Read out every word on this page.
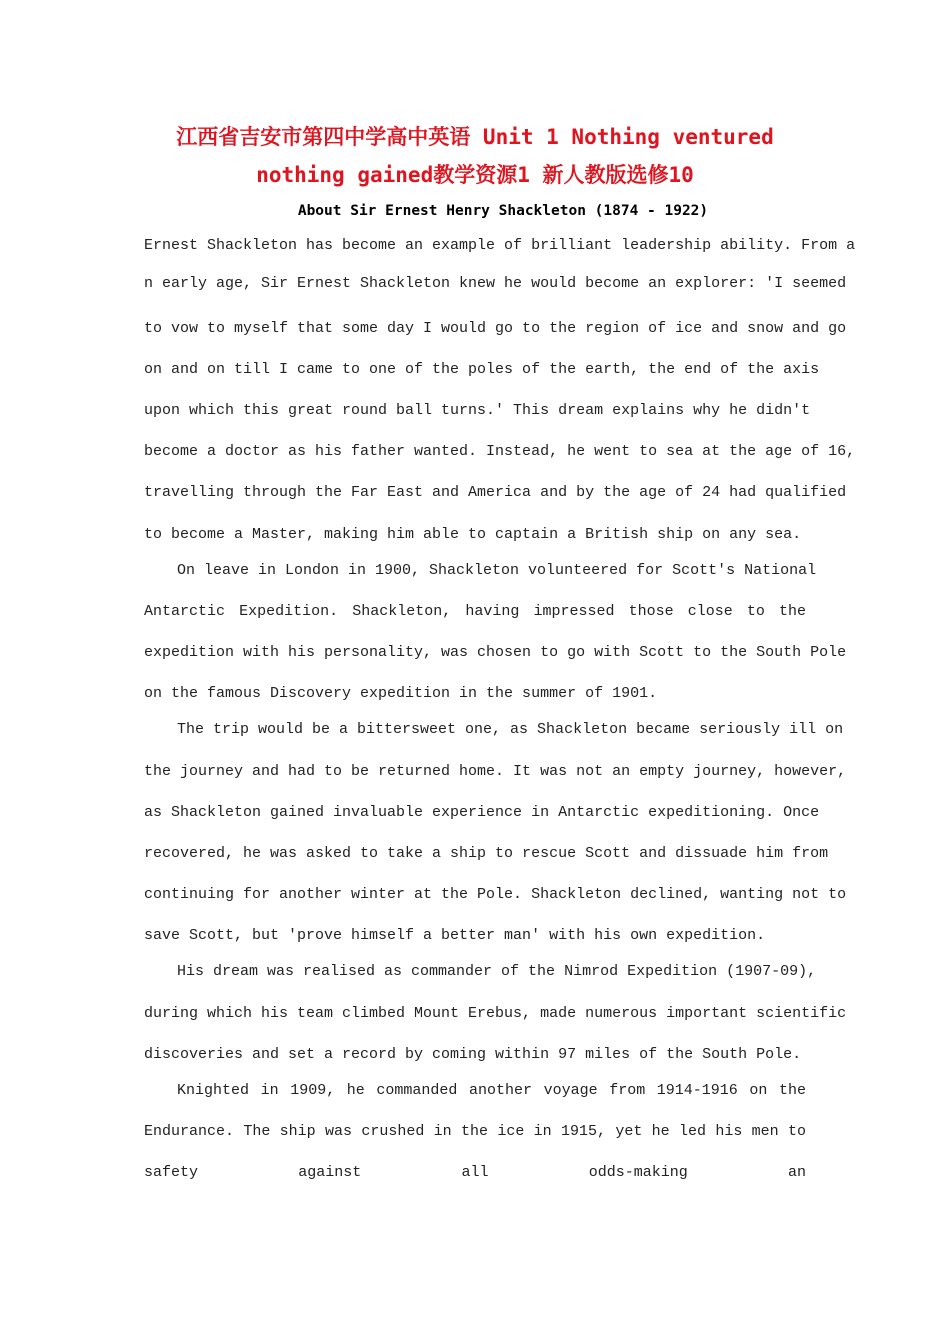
江西省吉安市第四中学高中英语 Unit 1 Nothing ventured
nothing gained教学资源1 新人教版选修10
About Sir Ernest Henry Shackleton (1874 - 1922)

Ernest Shackleton has become an example of brilliant leadership ability. From a

n early age, Sir Ernest Shackleton knew he would become an explorer: 'I seemed

to vow to myself that some day I would go to the region of ice and snow and go

on and on till I came to one of the poles of the earth, the end of the axis

upon which this great round ball turns.' This dream explains why he didn't

become a doctor as his father wanted. Instead, he went to sea at the age of 16,

travelling through the Far East and America and by the age of 24 had qualified

to become a Master, making him able to captain a British ship on any sea.

On leave in London in 1900, Shackleton volunteered for Scott's National

Antarctic Expedition. Shackleton, having impressed those close to the

expedition with his personality, was chosen to go with Scott to the South Pole

on the famous Discovery expedition in the summer of 1901.

The trip would be a bittersweet one, as Shackleton became seriously ill on

the journey and had to be returned home. It was not an empty journey, however,

as Shackleton gained invaluable experience in Antarctic expeditioning. Once

recovered, he was asked to take a ship to rescue Scott and dissuade him from

continuing for another winter at the Pole. Shackleton declined, wanting not to

save Scott, but 'prove himself a better man' with his own expedition.

His dream was realised as commander of the Nimrod Expedition (1907-09),

during which his team climbed Mount Erebus, made numerous important scientific

discoveries and set a record by coming within 97 miles of the South Pole.

Knighted in 1909, he commanded another voyage from 1914-1916 on the

Endurance. The ship was crushed in the ice in 1915, yet he led his men to

safety against all odds-making an
